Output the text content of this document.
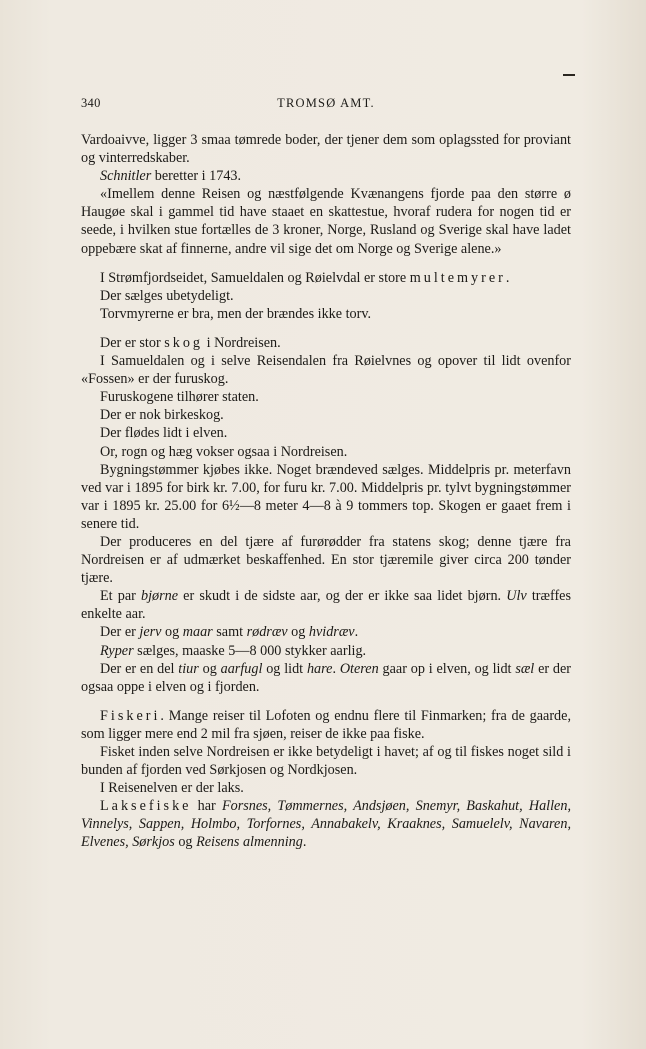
340	TROMSØ AMT.

Vardoaivve, ligger 3 smaa tømrede boder, der tjener dem som oplagssted for proviant og vinterredskaber.

Schnitler beretter i 1743.

«Imellem denne Reisen og næstfølgende Kvænangens fjorde paa den større ø Haugøe skal i gammel tid have staaet en skattestue, hvoraf rudera for nogen tid er seede, i hvilken stue fortælles de 3 kroner, Norge, Rusland og Sverige skal have ladet oppebære skat af finnerne, andre vil sige det om Norge og Sverige alene.»

I Strømfjordseidet, Samueldalen og Røielvdal er store multemyrer.

Der sælges ubetydeligt.

Torvmyrerne er bra, men der brændes ikke torv.

Der er stor skog i Nordreisen.

I Samueldalen og i selve Reisendalen fra Røielvnes og opover til lidt ovenfor «Fossen» er der furuskog.

Furuskogene tilhører staten.

Der er nok birkeskog.

Der flødes lidt i elven.

Or, rogn og hæg vokser ogsaa i Nordreisen.

Bygningstømmer kjøbes ikke. Noget brændeved sælges. Middelpris pr. meterfavn ved var i 1895 for birk kr. 7.00, for furu kr. 7.00. Middelpris pr. tylvt bygningstømmer var i 1895 kr. 25.00 for 6½—8 meter 4—8 à 9 tommers top. Skogen er gaaet frem i senere tid.

Der produceres en del tjære af furørødder fra statens skog; denne tjære fra Nordreisen er af udmærket beskaffenhed. En stor tjæremile giver circa 200 tønder tjære.

Et par bjørne er skudt i de sidste aar, og der er ikke saa lidet bjørn. Ulv træffes enkelte aar.

Der er jerv og maar samt rødræv og hvidræv.

Ryper sælges, maaske 5—8 000 stykker aarlig.

Der er en del tiur og aarfugl og lidt hare. Oteren gaar op i elven, og lidt sæl er der ogsaa oppe i elven og i fjorden.

Fiskeri. Mange reiser til Lofoten og endnu flere til Finmarken; fra de gaarde, som ligger mere end 2 mil fra sjøen, reiser de ikke paa fiske.

Fisket inden selve Nordreisen er ikke betydeligt i havet; af og til fiskes noget sild i bunden af fjorden ved Sørkjosen og Nordkjosen.

I Reisenelven er der laks.

Laksefiske har Forsnes, Tømmernes, Andsjøen, Snemyr, Baskahut, Hallen, Vinnelys, Sappen, Holmbo, Torfornes, Annabakelv, Kraaknes, Samuelelv, Navaren, Elvenes, Sørkjos og Reisens almenning.
